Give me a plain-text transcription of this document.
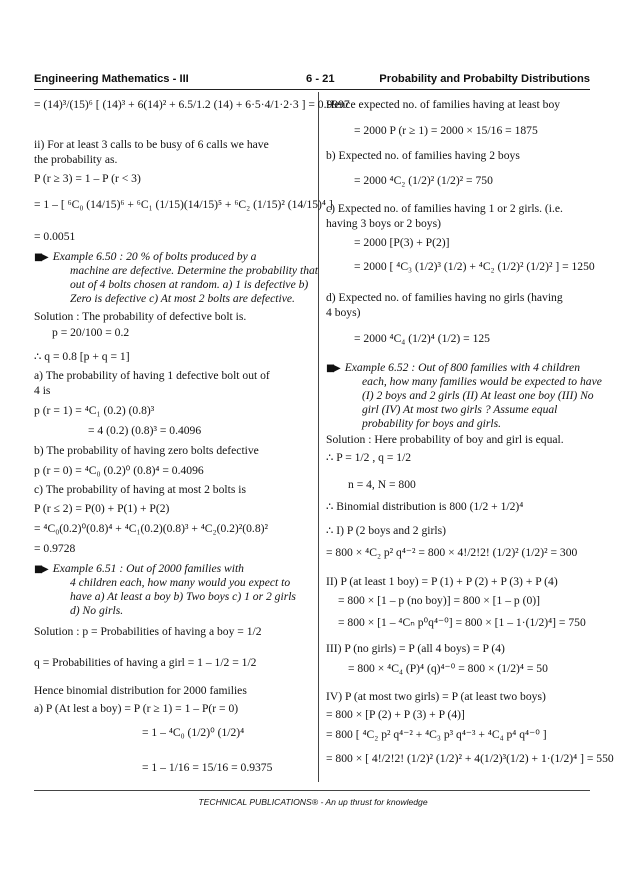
Engineering Mathematics - III	6 - 21	Probability and Probabilty Distributions
= (14)³/(15)⁶ [ (14)³ + 6(14)² + 6.5/1.2 (14) + 6·5·4/1·2·3 ] = 0.9997
ii) For at least 3 calls to be busy of 6 calls we have
the probability as.
P (r ≥ 3) = 1 – P (r < 3)
= 1 – [ ⁶C₀ (14/15)⁶ + ⁶C₁ (1/15)(14/15)⁵ + ⁶C₂ (1/15)² (14/15)⁴ ]
= 0.0051
▮▮▶ Example 6.50 : 20 % of bolts produced by a
machine are defective. Determine the probability that
out of 4 bolts chosen at random. a) 1 is defective b)
Zero is defective c) At most 2 bolts are defective.
Solution : The probability of defective bolt is.
p = 20/100 = 0.2
∴ q = 0.8 [p + q = 1]
a) The probability of having 1 defective bolt out of
4 is
p (r = 1) = ⁴C₁ (0.2) (0.8)³
= 4 (0.2) (0.8)³ = 0.4096
b) The probability of having zero bolts defective
p (r = 0) = ⁴C₀ (0.2)⁰ (0.8)⁴ = 0.4096
c) The probability of having at most 2 bolts is
P (r ≤ 2) = P(0) + P(1) + P(2)
= ⁴C₀(0.2)⁰(0.8)⁴ + ⁴C₁(0.2)(0.8)³ + ⁴C₂(0.2)²(0.8)²
= 0.9728
▮▮▶ Example 6.51 : Out of 2000 families with
4 children each, how many would you expect to
have a) At least a boy b) Two boys c) 1 or 2 girls
d) No girls.
Solution : p = Probabilities of having a boy = 1/2
q = Probabilities of having a girl = 1 – 1/2 = 1/2
Hence binomial distribution for 2000 families
a) P (At lest a boy) = P (r ≥ 1) = 1 – P(r = 0)
= 1 – ⁴C₀ (1/2)⁰ (1/2)⁴
= 1 – 1/16 = 15/16 = 0.9375
Hence expected no. of families having at least boy
= 2000 P (r ≥ 1) = 2000 × 15/16 = 1875
b) Expected no. of families having 2 boys
= 2000 ⁴C₂ (1/2)² (1/2)² = 750
c) Expected no. of families having 1 or 2 girls. (i.e.
having 3 boys or 2 boys)
= 2000 [P(3) + P(2)]
= 2000 [ ⁴C₃ (1/2)³ (1/2) + ⁴C₂ (1/2)² (1/2)² ] = 1250
d) Expected no. of families having no girls (having
4 boys)
= 2000 ⁴C₄ (1/2)⁴ (1/2) = 125
▮▮▶ Example 6.52 : Out of 800 families with 4 children
each, how many families would be expected to have
(I) 2 boys and 2 girls (II) At least one boy (III) No
girl (IV) At most two girls ? Assume equal
probability for boys and girls.
Solution : Here probability of boy and girl is equal.
∴ P = 1/2 , q = 1/2
n = 4, N = 800
∴ Binomial distribution is 800 (1/2 + 1/2)⁴
∴ I) P (2 boys and 2 girls)
= 800 × ⁴C₂ p² q⁴⁻² = 800 × 4!/2!2! (1/2)² (1/2)² = 300
II) P (at least 1 boy) = P (1) + P (2) + P (3) + P (4)
= 800 × [1 – p (no boy)] = 800 × [1 – p (0)]
= 800 × [1 – ⁴Cₙ p⁰q⁴⁻⁰] = 800 × [1 – 1·(1/2)⁴] = 750
III) P (no girls) = P (all 4 boys) = P (4)
= 800 × ⁴C₄ (P)⁴ (q)⁴⁻⁰ = 800 × (1/2)⁴ = 50
IV) P (at most two girls) = P (at least two boys)
= 800 × [P (2) + P (3) + P (4)]
= 800 [ ⁴C₂ p² q⁴⁻² + ⁴C₃ p³ q⁴⁻³ + ⁴C₄ p⁴ q⁴⁻⁰ ]
= 800 × [ 4!/2!2! (1/2)² (1/2)² + 4(1/2)³(1/2) + 1·(1/2)⁴ ] = 550
TECHNICAL PUBLICATIONS® - An up thrust for knowledge
